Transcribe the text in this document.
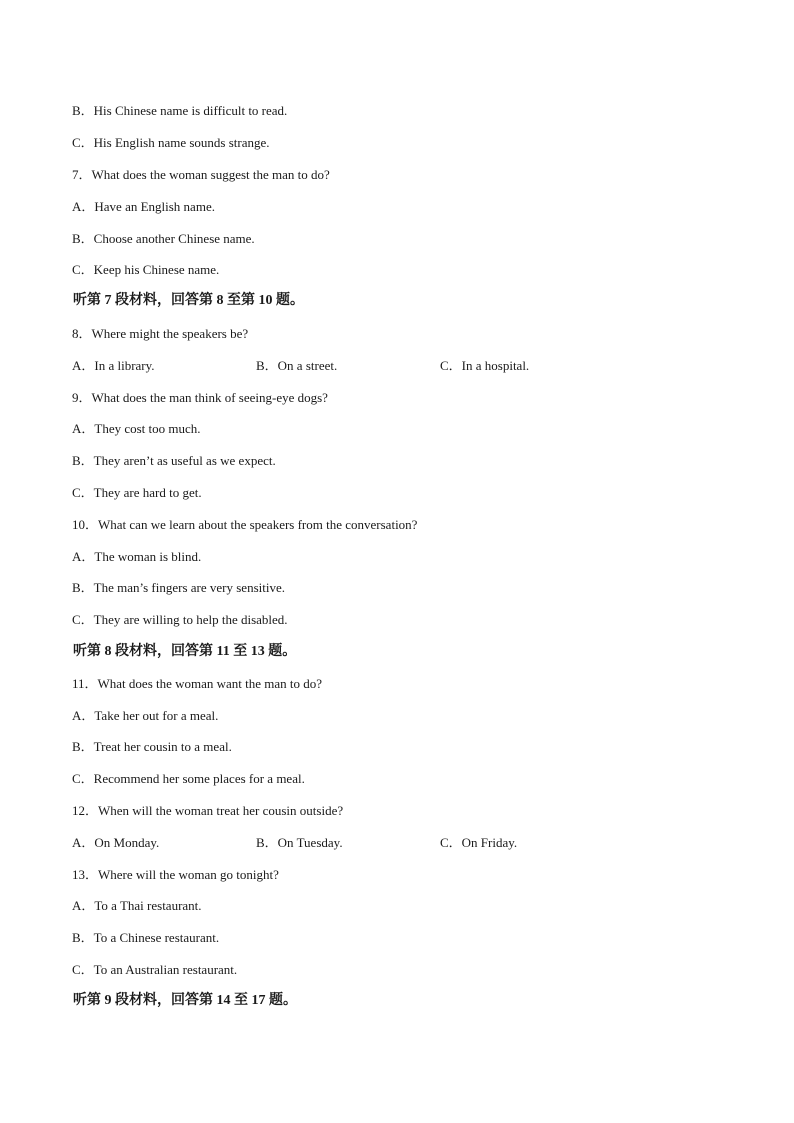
B．His Chinese name is difficult to read.
C．His English name sounds strange.
7．What does the woman suggest the man to do?
A．Have an English name.
B．Choose another Chinese name.
C．Keep his Chinese name.
听第 7 段材料，回答第 8 至第 10 题。
8．Where might the speakers be?
A．In a library.	B．On a street.	C．In a hospital.
9．What does the man think of seeing-eye dogs?
A．They cost too much.
B．They aren’t as useful as we expect.
C．They are hard to get.
10．What can we learn about the speakers from the conversation?
A．The woman is blind.
B．The man’s fingers are very sensitive.
C．They are willing to help the disabled.
听第 8 段材料，回答第 11 至 13 题。
11．What does the woman want the man to do?
A．Take her out for a meal.
B．Treat her cousin to a meal.
C．Recommend her some places for a meal.
12．When will the woman treat her cousin outside?
A．On Monday.	B．On Tuesday.	C．On Friday.
13．Where will the woman go tonight?
A．To a Thai restaurant.
B．To a Chinese restaurant.
C．To an Australian restaurant.
听第 9 段材料，回答第 14 至 17 题。
